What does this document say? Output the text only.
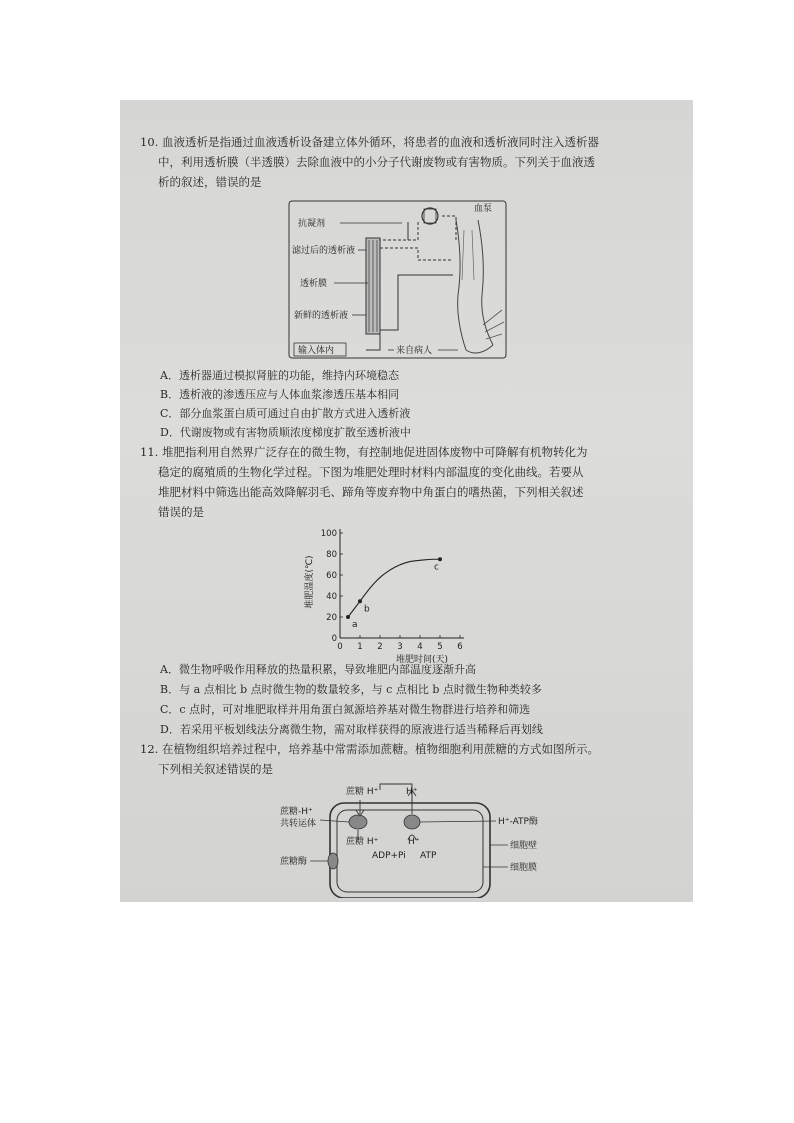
10. 血液透析是指通过血液透析设备建立体外循环，将患者的血液和透析液同时注入透析器
中，利用透析膜（半透膜）去除血液中的小分子代谢废物或有害物质。下列关于血液透
析的叙述，错误的是
血泵
抗凝剂
滤过后的透析液
透析膜
新鲜的透析液
输入体内	来自病人
A．透析器通过模拟肾脏的功能，维持内环境稳态
B．透析液的渗透压应与人体血浆渗透压基本相同
C．部分血浆蛋白质可通过自由扩散方式进入透析液
D．代谢废物或有害物质顺浓度梯度扩散至透析液中
11. 堆肥指利用自然界广泛存在的微生物，有控制地促进固体废物中可降解有机物转化为
稳定的腐殖质的生物化学过程。下图为堆肥处理时材料内部温度的变化曲线。若要从
堆肥材料中筛选出能高效降解羽毛、蹄角等废弃物中角蛋白的嗜热菌，下列相关叙述
错误的是
0 1 2 3 4 5 6
0
20
40
60
80
100
a
b
c
堆肥时间(天)
堆肥温度(℃)
A．微生物呼吸作用释放的热量积累，导致堆肥内部温度逐渐升高
B．与 a 点相比 b 点时微生物的数量较多，与 c 点相比 b 点时微生物种类较多
C．c 点时，可对堆肥取样并用角蛋白氮源培养基对微生物群进行培养和筛选
D．若采用平板划线法分离微生物，需对取样获得的原液进行适当稀释后再划线
12. 在植物组织培养过程中，培养基中常需添加蔗糖。植物细胞利用蔗糖的方式如图所示。
下列相关叙述错误的是
蔗糖 H⁺	H⁺
蔗糖-H⁺
共转运体
蔗糖 H⁺	H⁺
ADP+Pi ATP
H⁺-ATP酶
细胞壁
细胞膜
蔗糖酶
